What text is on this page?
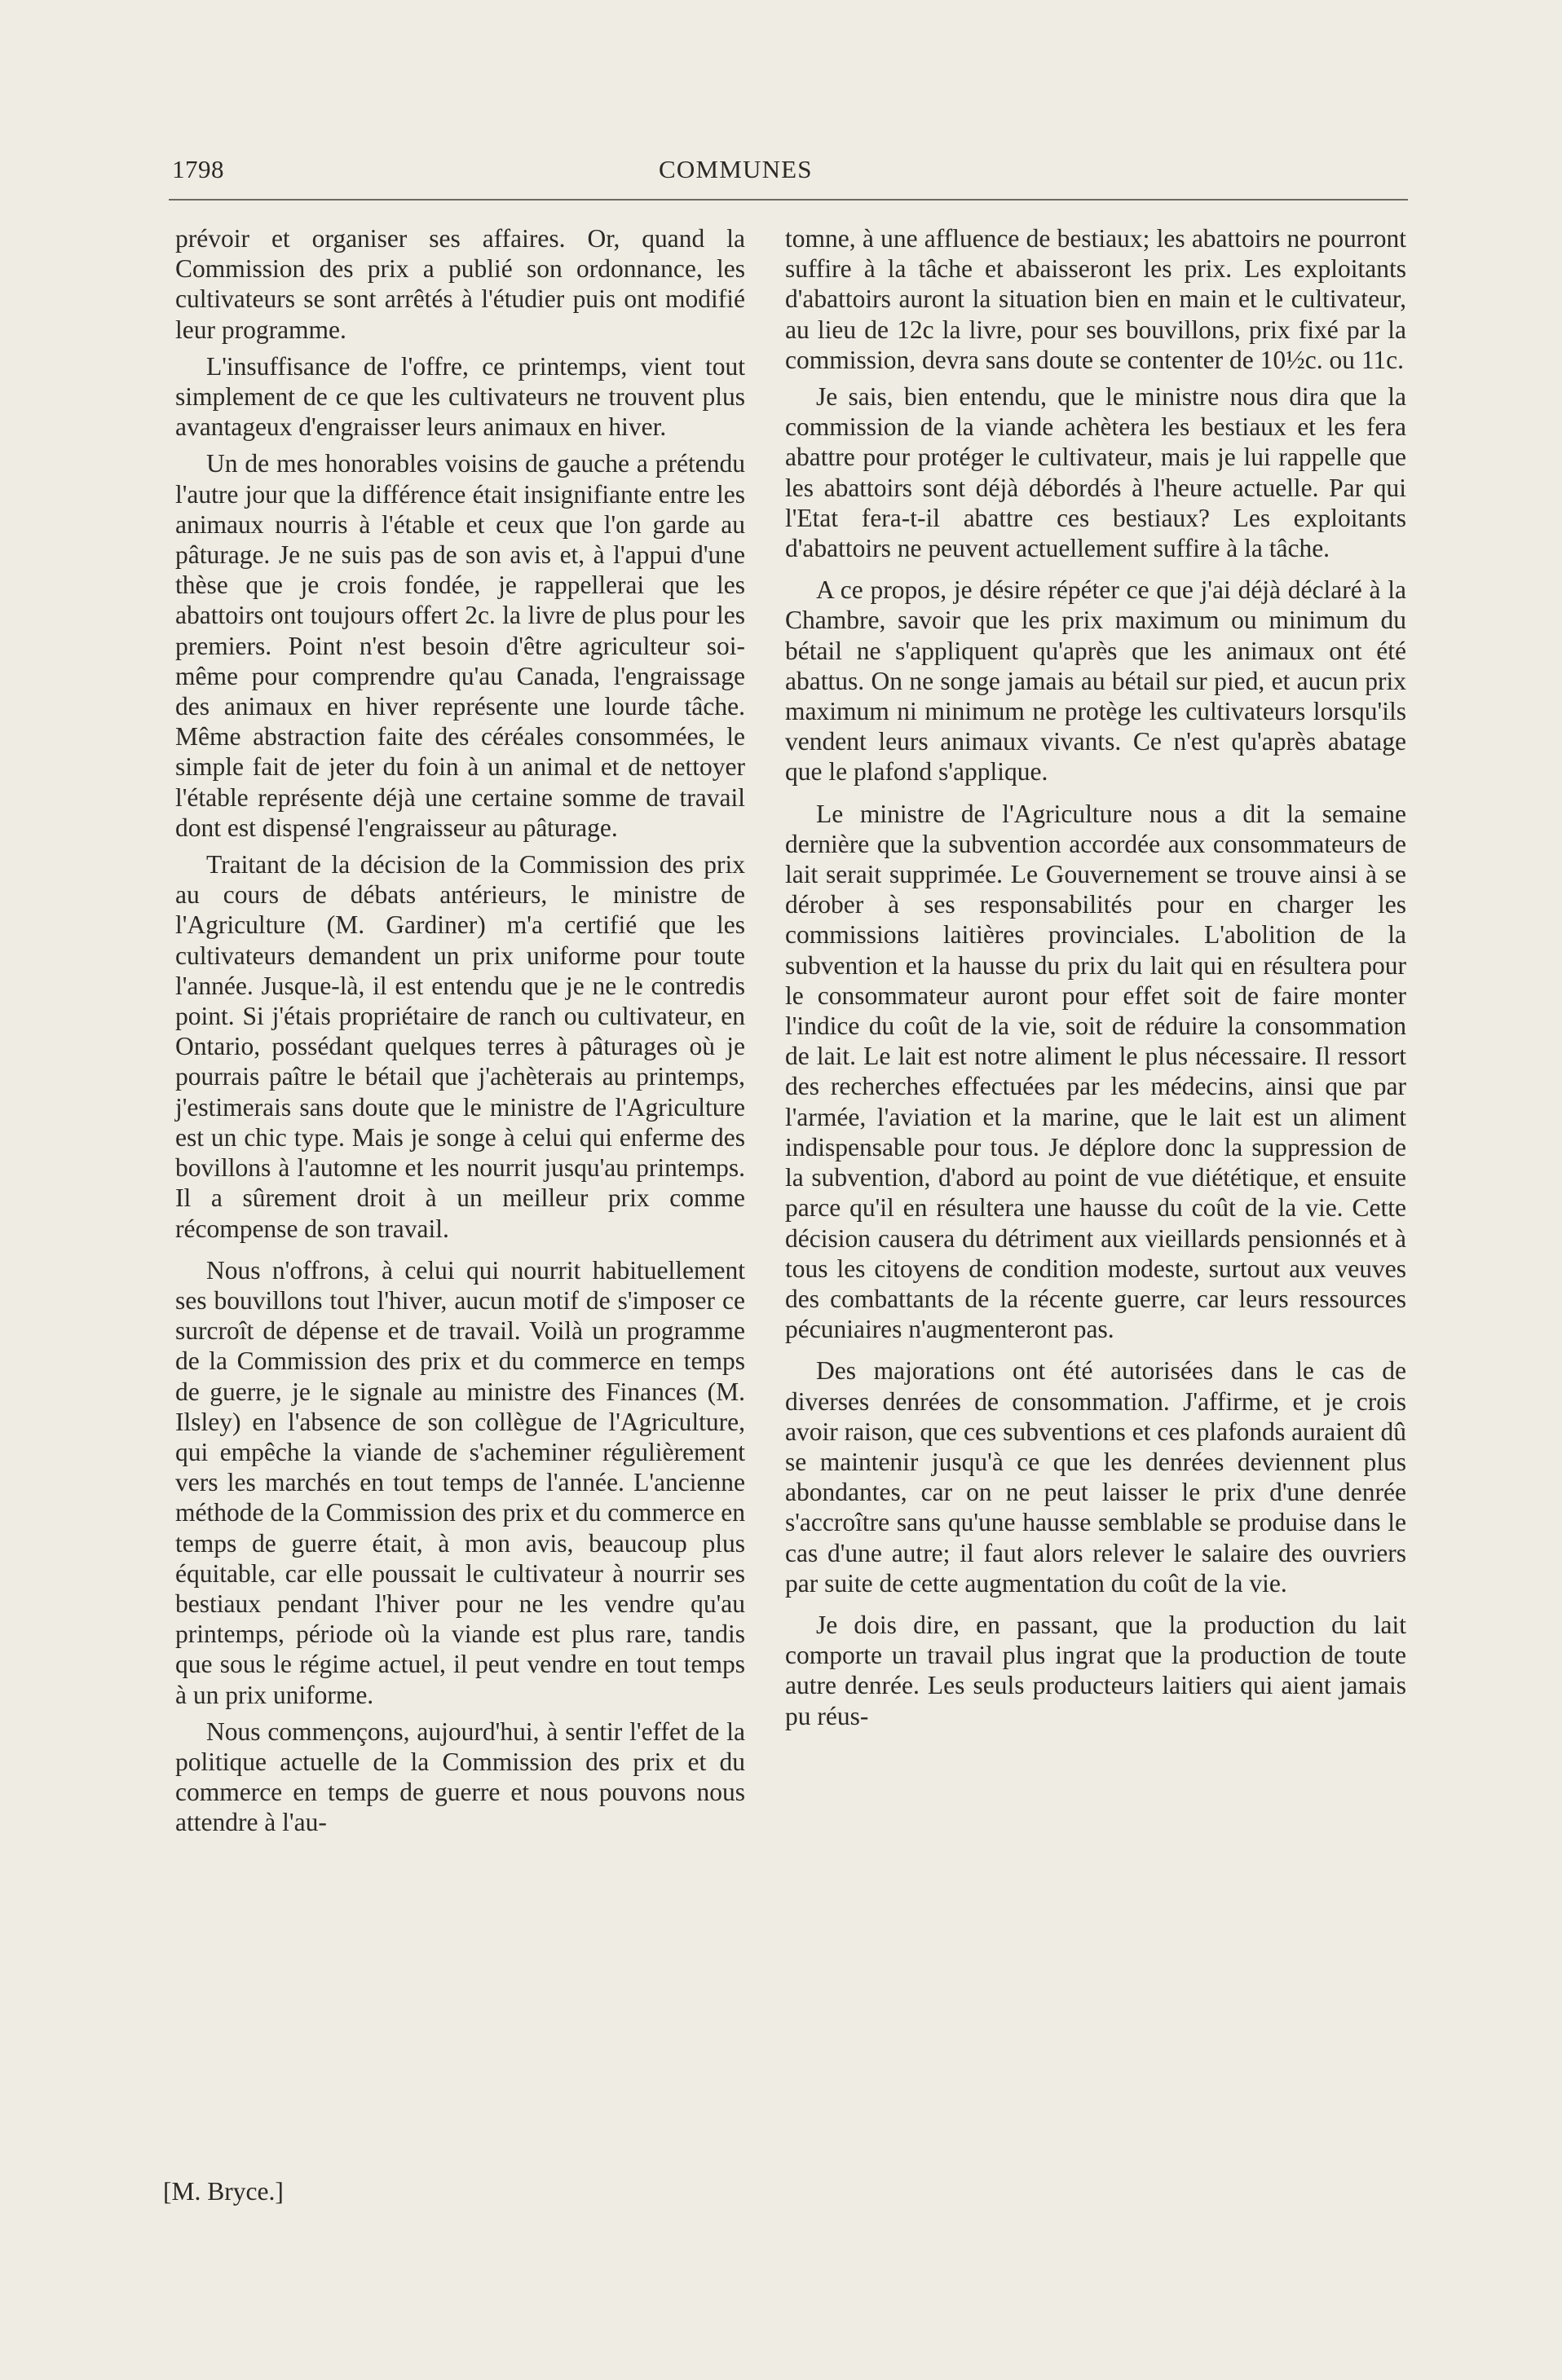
1798	COMMUNES

prévoir et organiser ses affaires. Or, quand la Commission des prix a publié son ordonnance, les cultivateurs se sont arrêtés à l'étudier puis ont modifié leur programme.

L'insuffisance de l'offre, ce printemps, vient tout simplement de ce que les cultivateurs ne trouvent plus avantageux d'engraisser leurs animaux en hiver.

Un de mes honorables voisins de gauche a prétendu l'autre jour que la différence était insignifiante entre les animaux nourris à l'étable et ceux que l'on garde au pâturage. Je ne suis pas de son avis et, à l'appui d'une thèse que je crois fondée, je rappellerai que les abattoirs ont toujours offert 2c. la livre de plus pour les premiers. Point n'est besoin d'être agriculteur soi-même pour comprendre qu'au Canada, l'engraissage des animaux en hiver représente une lourde tâche. Même abstraction faite des céréales consommées, le simple fait de jeter du foin à un animal et de nettoyer l'étable représente déjà une certaine somme de travail dont est dispensé l'engraisseur au pâturage.

Traitant de la décision de la Commission des prix au cours de débats antérieurs, le ministre de l'Agriculture (M. Gardiner) m'a certifié que les cultivateurs demandent un prix uniforme pour toute l'année. Jusque-là, il est entendu que je ne le contredis point. Si j'étais propriétaire de ranch ou cultivateur, en Ontario, possédant quelques terres à pâturages où je pourrais paître le bétail que j'achèterais au printemps, j'estimerais sans doute que le ministre de l'Agriculture est un chic type. Mais je songe à celui qui enferme des bovillons à l'automne et les nourrit jusqu'au printemps. Il a sûrement droit à un meilleur prix comme récompense de son travail.

Nous n'offrons, à celui qui nourrit habituellement ses bouvillons tout l'hiver, aucun motif de s'imposer ce surcroît de dépense et de travail. Voilà un programme de la Commission des prix et du commerce en temps de guerre, je le signale au ministre des Finances (M. Ilsley) en l'absence de son collègue de l'Agriculture, qui empêche la viande de s'acheminer régulièrement vers les marchés en tout temps de l'année. L'ancienne méthode de la Commission des prix et du commerce en temps de guerre était, à mon avis, beaucoup plus équitable, car elle poussait le cultivateur à nourrir ses bestiaux pendant l'hiver pour ne les vendre qu'au printemps, période où la viande est plus rare, tandis que sous le régime actuel, il peut vendre en tout temps à un prix uniforme.

Nous commençons, aujourd'hui, à sentir l'effet de la politique actuelle de la Commission des prix et du commerce en temps de guerre et nous pouvons nous attendre à l'au-

tomne, à une affluence de bestiaux; les abattoirs ne pourront suffire à la tâche et abaisseront les prix. Les exploitants d'abattoirs auront la situation bien en main et le cultivateur, au lieu de 12c la livre, pour ses bouvillons, prix fixé par la commission, devra sans doute se contenter de 10½c. ou 11c.

Je sais, bien entendu, que le ministre nous dira que la commission de la viande achètera les bestiaux et les fera abattre pour protéger le cultivateur, mais je lui rappelle que les abattoirs sont déjà débordés à l'heure actuelle. Par qui l'Etat fera-t-il abattre ces bestiaux? Les exploitants d'abattoirs ne peuvent actuellement suffire à la tâche.

A ce propos, je désire répéter ce que j'ai déjà déclaré à la Chambre, savoir que les prix maximum ou minimum du bétail ne s'appliquent qu'après que les animaux ont été abattus. On ne songe jamais au bétail sur pied, et aucun prix maximum ni minimum ne protège les cultivateurs lorsqu'ils vendent leurs animaux vivants. Ce n'est qu'après abatage que le plafond s'applique.

Le ministre de l'Agriculture nous a dit la semaine dernière que la subvention accordée aux consommateurs de lait serait supprimée. Le Gouvernement se trouve ainsi à se dérober à ses responsabilités pour en charger les commissions laitières provinciales. L'abolition de la subvention et la hausse du prix du lait qui en résultera pour le consommateur auront pour effet soit de faire monter l'indice du coût de la vie, soit de réduire la consommation de lait. Le lait est notre aliment le plus nécessaire. Il ressort des recherches effectuées par les médecins, ainsi que par l'armée, l'aviation et la marine, que le lait est un aliment indispensable pour tous. Je déplore donc la suppression de la subvention, d'abord au point de vue diététique, et ensuite parce qu'il en résultera une hausse du coût de la vie. Cette décision causera du détriment aux vieillards pensionnés et à tous les citoyens de condition modeste, surtout aux veuves des combattants de la récente guerre, car leurs ressources pécuniaires n'augmenteront pas.

Des majorations ont été autorisées dans le cas de diverses denrées de consommation. J'affirme, et je crois avoir raison, que ces subventions et ces plafonds auraient dû se maintenir jusqu'à ce que les denrées deviennent plus abondantes, car on ne peut laisser le prix d'une denrée s'accroître sans qu'une hausse semblable se produise dans le cas d'une autre; il faut alors relever le salaire des ouvriers par suite de cette augmentation du coût de la vie.

Je dois dire, en passant, que la production du lait comporte un travail plus ingrat que la production de toute autre denrée. Les seuls producteurs laitiers qui aient jamais pu réus-

[M. Bryce.]
